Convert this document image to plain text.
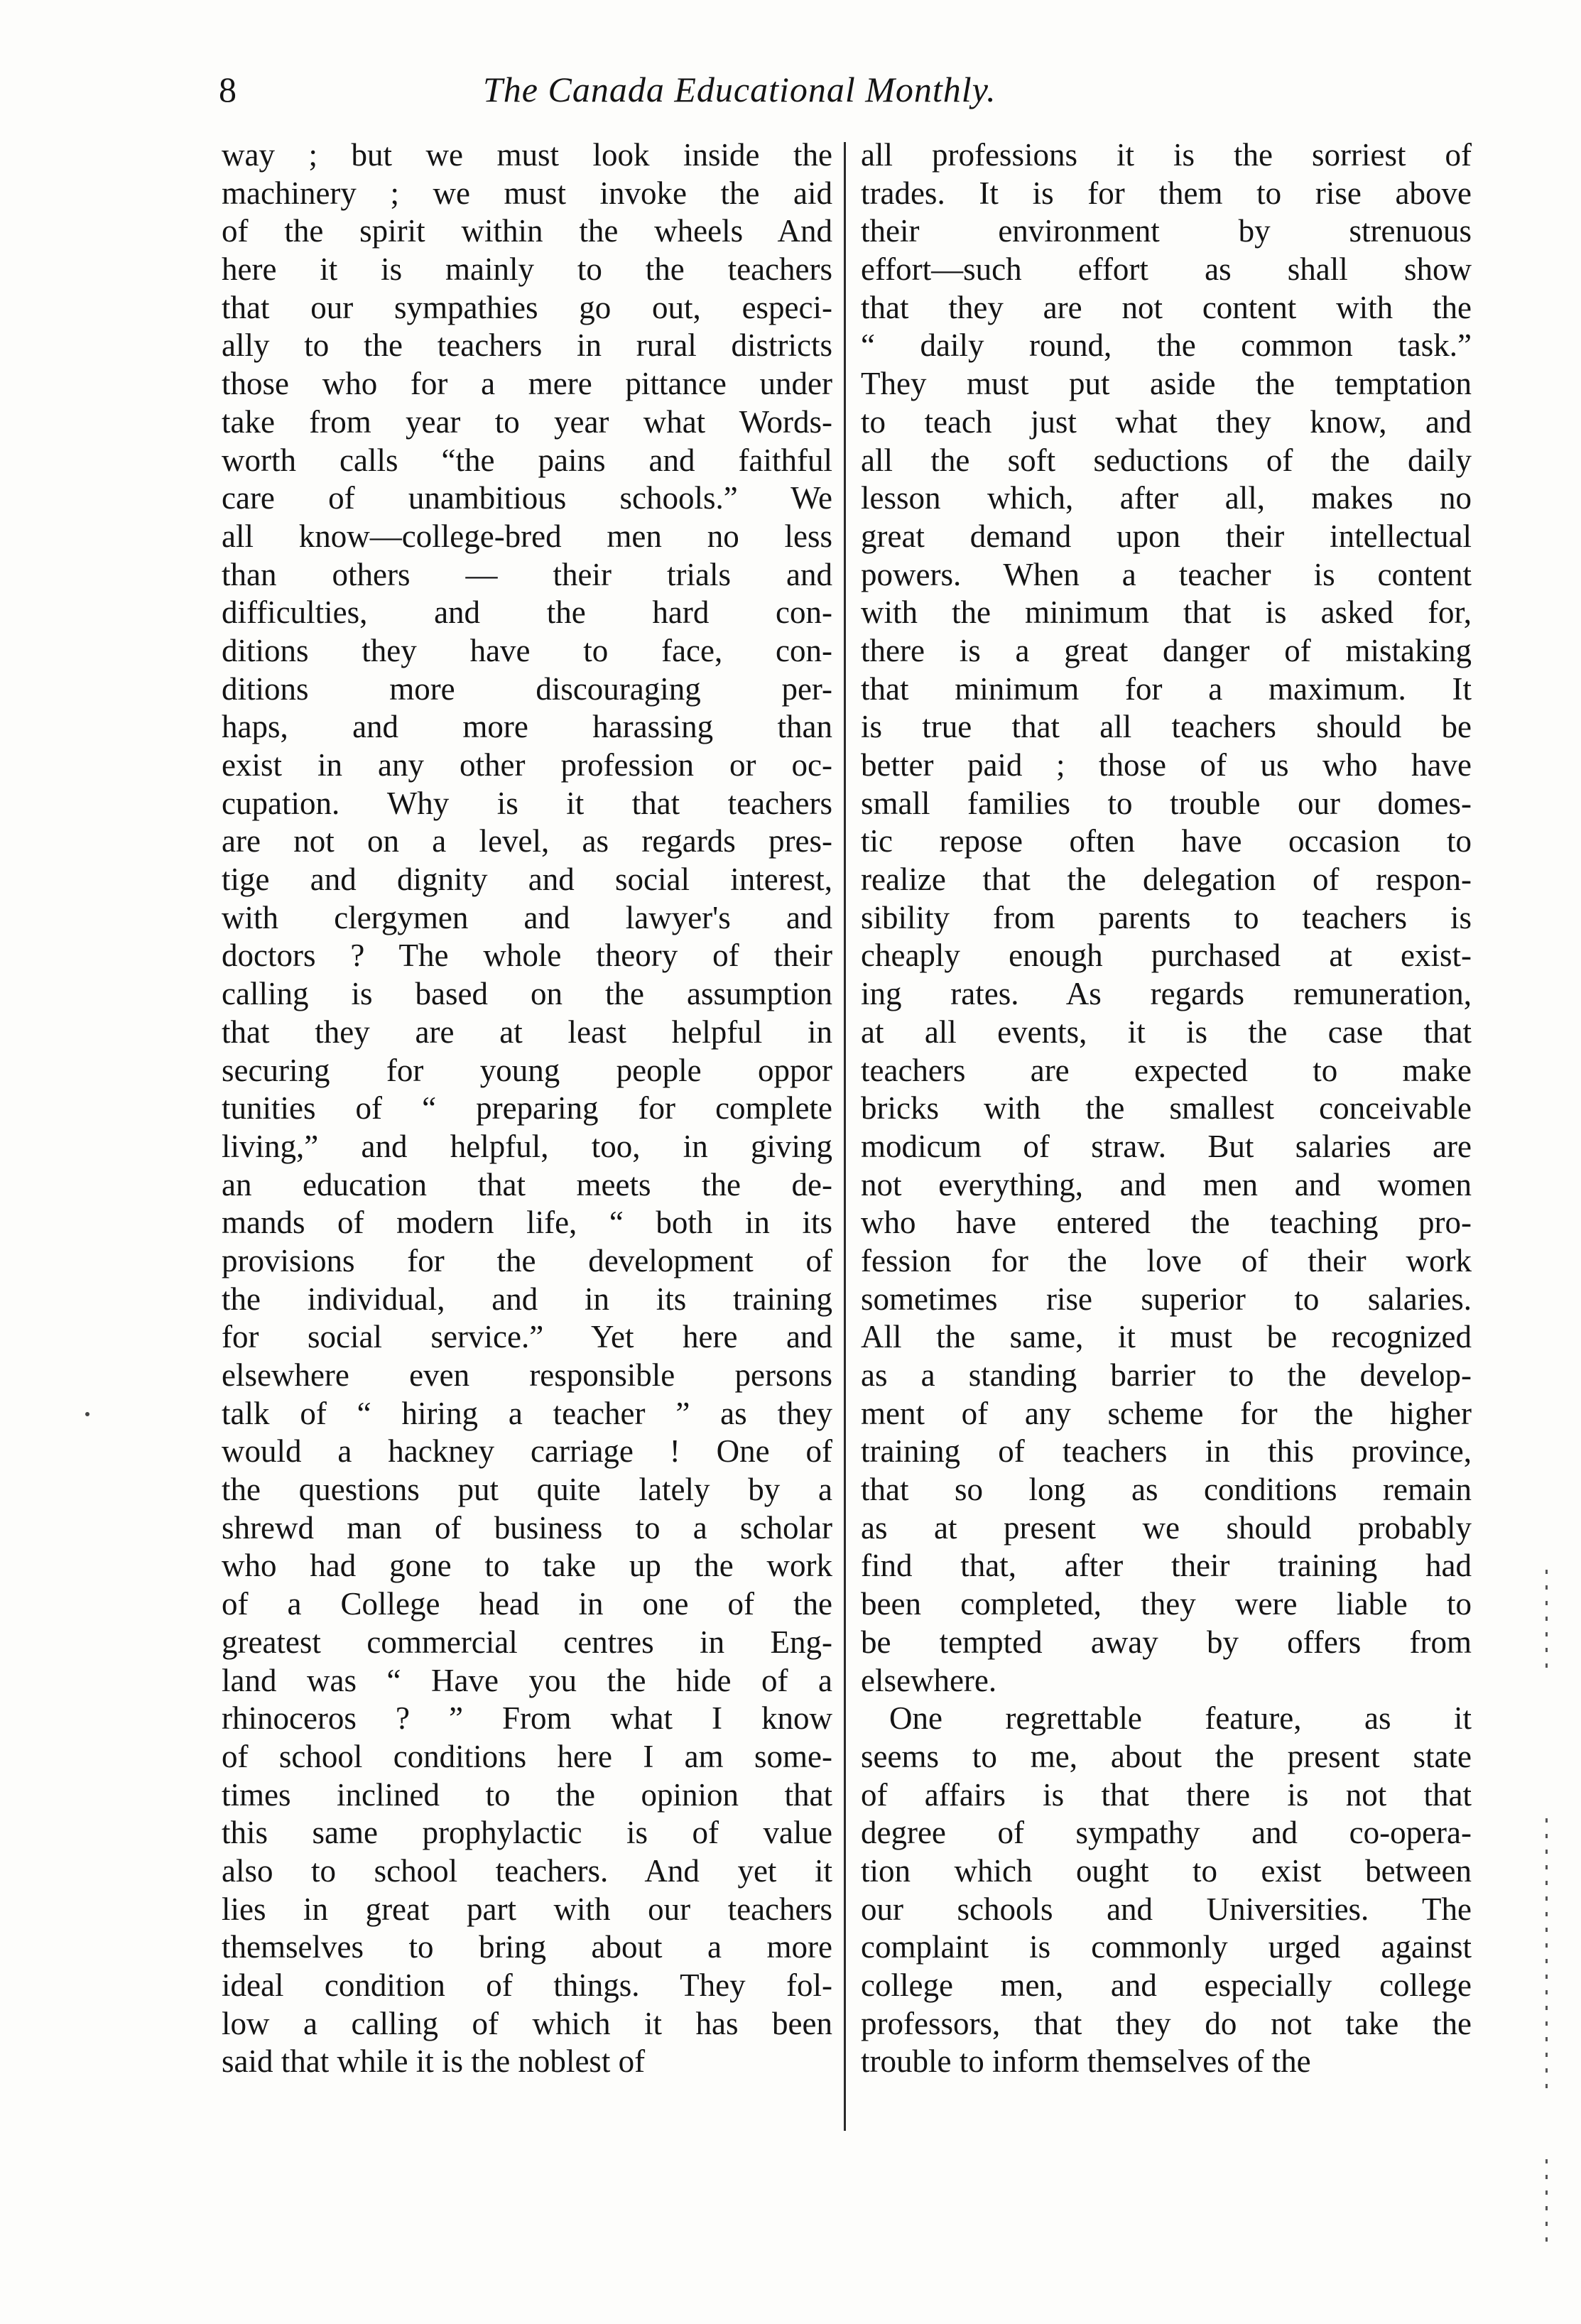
8	The Canada Educational Monthly.
way ; but we must look inside the
machinery ; we must invoke the aid
of the spirit within the wheels And
here it is mainly to the teachers
that our sympathies go out, especi-
ally to the teachers in rural districts
those who for a mere pittance under
take from year to year what Words-
worth calls “the pains and faithful
care of unambitious schools.” We
all know—college-bred men no less
than others — their trials and
difficulties, and the hard con-
ditions they have to face, con-
ditions more discouraging per-
haps, and more harassing than
exist in any other profession or oc-
cupation. Why is it that teachers
are not on a level, as regards pres-
tige and dignity and social interest,
with clergymen and lawyer's and
doctors ? The whole theory of their
calling is based on the assumption
that they are at least helpful in
securing for young people oppor
tunities of “ preparing for complete
living,” and helpful, too, in giving
an education that meets the de-
mands of modern life, “ both in its
provisions for the development of
the individual, and in its training
for social service.” Yet here and
elsewhere even responsible persons
talk of “ hiring a teacher ” as they
would a hackney carriage ! One of
the questions put quite lately by a
shrewd man of business to a scholar
who had gone to take up the work
of a College head in one of the
greatest commercial centres in Eng-
land was “ Have you the hide of a
rhinoceros ? ” From what I know
of school conditions here I am some-
times inclined to the opinion that
this same prophylactic is of value
also to school teachers. And yet it
lies in great part with our teachers
themselves to bring about a more
ideal condition of things. They fol-
low a calling of which it has been
said that while it is the noblest of
all professions it is the sorriest of
trades. It is for them to rise above
their environment by strenuous
effort—such effort as shall show
that they are not content with the
“ daily round, the common task.”
They must put aside the temptation
to teach just what they know, and
all the soft seductions of the daily
lesson which, after all, makes no
great demand upon their intellectual
powers. When a teacher is content
with the minimum that is asked for,
there is a great danger of mistaking
that minimum for a maximum. It
is true that all teachers should be
better paid ; those of us who have
small families to trouble our domes-
tic repose often have occasion to
realize that the delegation of respon-
sibility from parents to teachers is
cheaply enough purchased at exist-
ing rates. As regards remuneration,
at all events, it is the case that
teachers are expected to make
bricks with the smallest conceivable
modicum of straw. But salaries are
not everything, and men and women
who have entered the teaching pro-
fession for the love of their work
sometimes rise superior to salaries.
All the same, it must be recognized
as a standing barrier to the develop-
ment of any scheme for the higher
training of teachers in this province,
that so long as conditions remain
as at present we should probably
find that, after their training had
been completed, they were liable to
be tempted away by offers from
elsewhere.
One regrettable feature, as it
seems to me, about the present state
of affairs is that there is not that
degree of sympathy and co-opera-
tion which ought to exist between
our schools and Universities. The
complaint is commonly urged against
college men, and especially college
professors, that they do not take the
trouble to inform themselves of the
